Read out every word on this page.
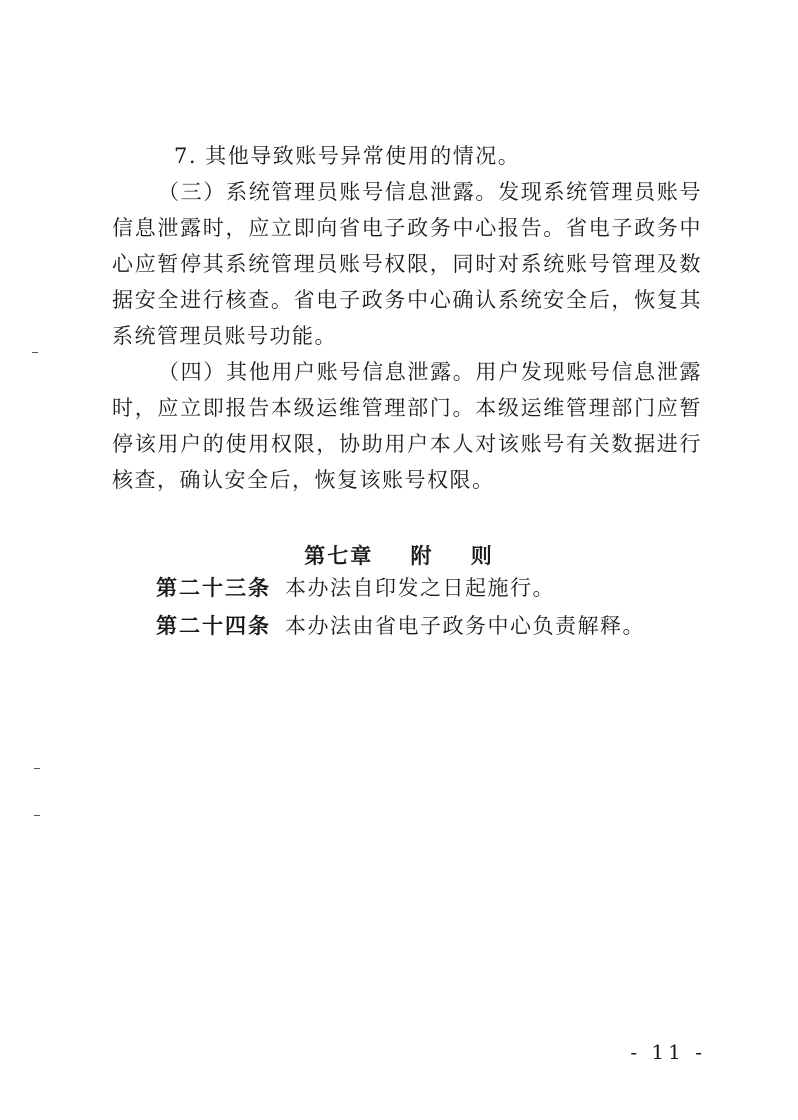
7. 其他导致账号异常使用的情况。

（三）系统管理员账号信息泄露。发现系统管理员账号信息泄露时，应立即向省电子政务中心报告。省电子政务中心应暂停其系统管理员账号权限，同时对系统账号管理及数据安全进行核查。省电子政务中心确认系统安全后，恢复其系统管理员账号功能。

（四）其他用户账号信息泄露。用户发现账号信息泄露时，应立即报告本级运维管理部门。本级运维管理部门应暂停该用户的使用权限，协助用户本人对该账号有关数据进行核查，确认安全后，恢复该账号权限。

第七章    附    则
第二十三条 本办法自印发之日起施行。
第二十四条 本办法由省电子政务中心负责解释。
- 11 -
